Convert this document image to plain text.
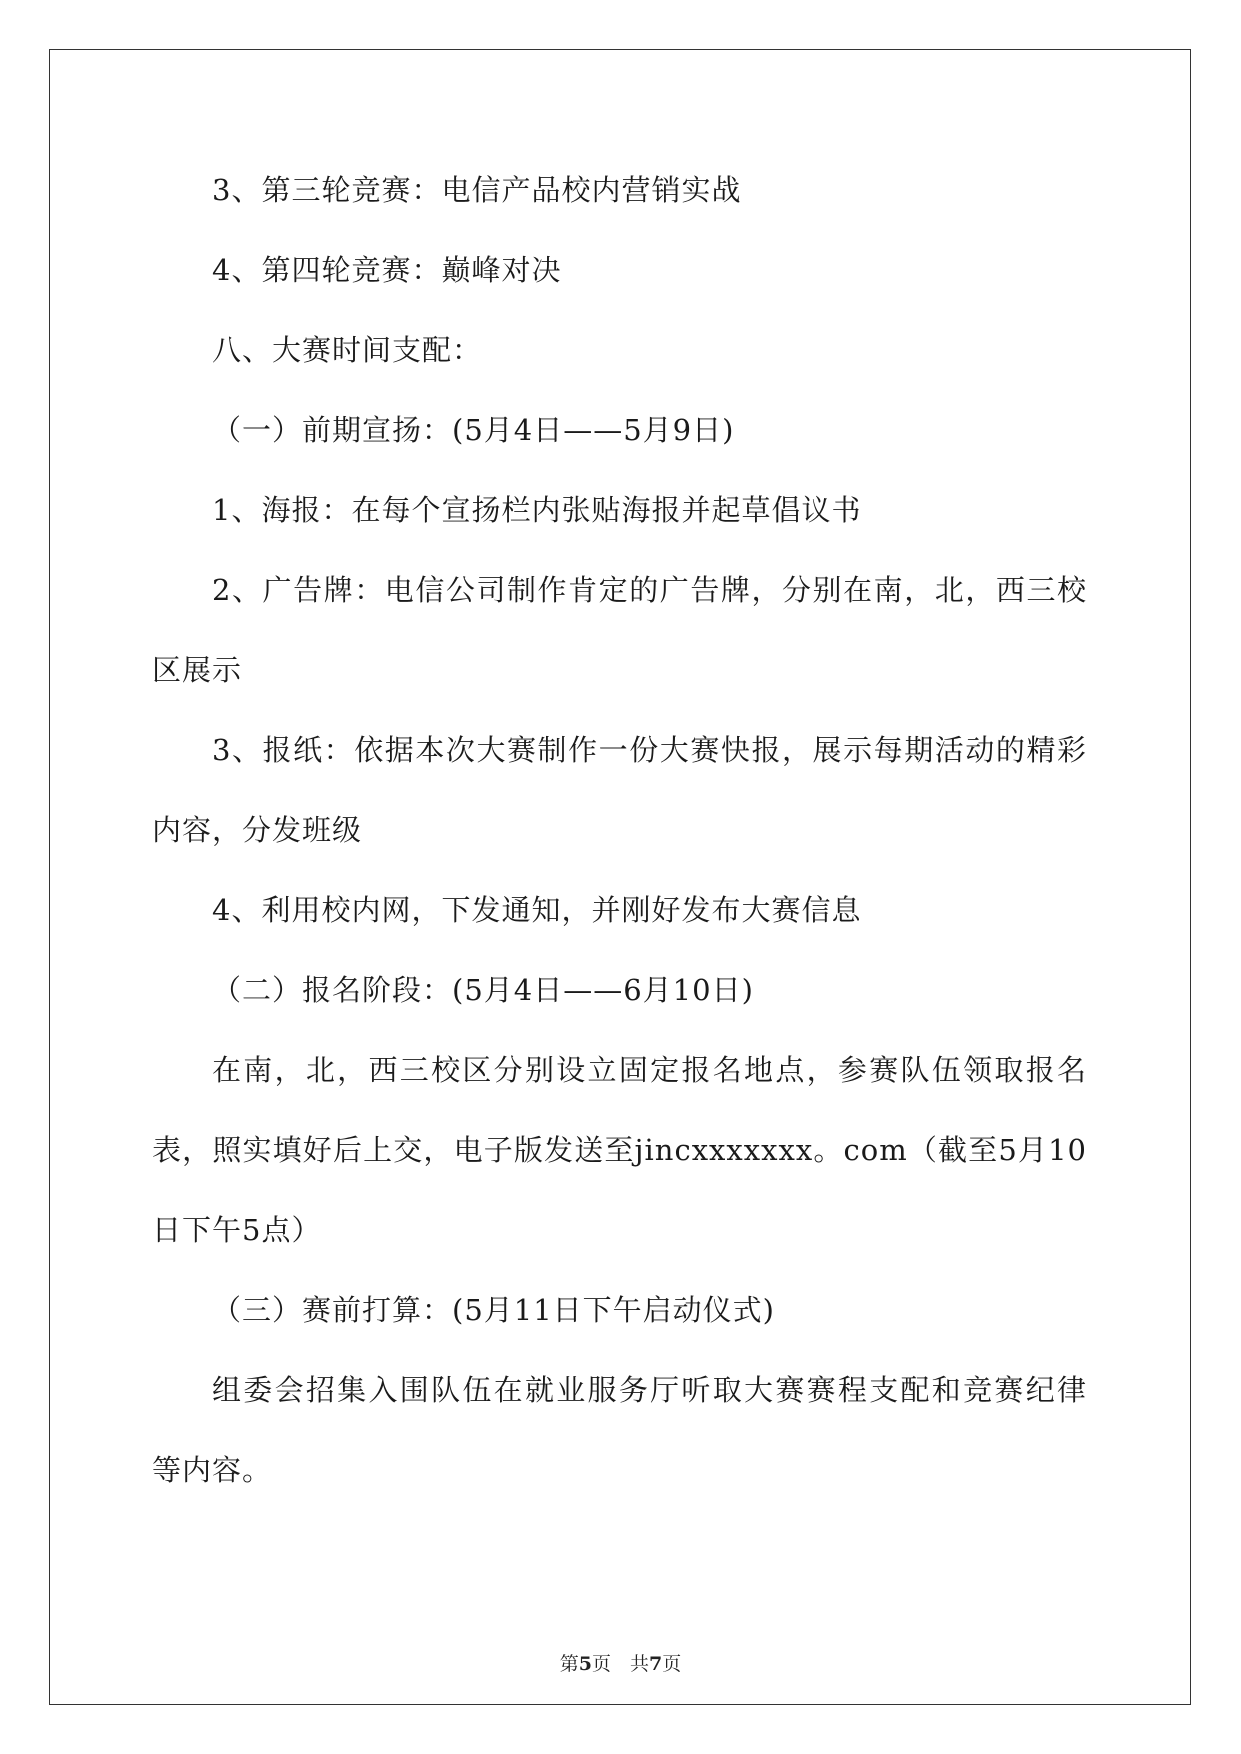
3、第三轮竞赛：电信产品校内营销实战
4、第四轮竞赛：巅峰对决
八、大赛时间支配：
（一）前期宣扬：(5月4日——5月9日)
1、海报：在每个宣扬栏内张贴海报并起草倡议书
2、广告牌：电信公司制作肯定的广告牌，分别在南，北，西三校
区展示
3、报纸：依据本次大赛制作一份大赛快报，展示每期活动的精彩
内容，分发班级
4、利用校内网，下发通知，并刚好发布大赛信息
（二）报名阶段：(5月4日——6月10日)
在南，北，西三校区分别设立固定报名地点，参赛队伍领取报名
表，照实填好后上交，电子版发送至jincxxxxxxx。com（截至5月10
日下午5点）
（三）赛前打算：(5月11日下午启动仪式)
组委会招集入围队伍在就业服务厅听取大赛赛程支配和竞赛纪律
等内容。
第5页　共7页
